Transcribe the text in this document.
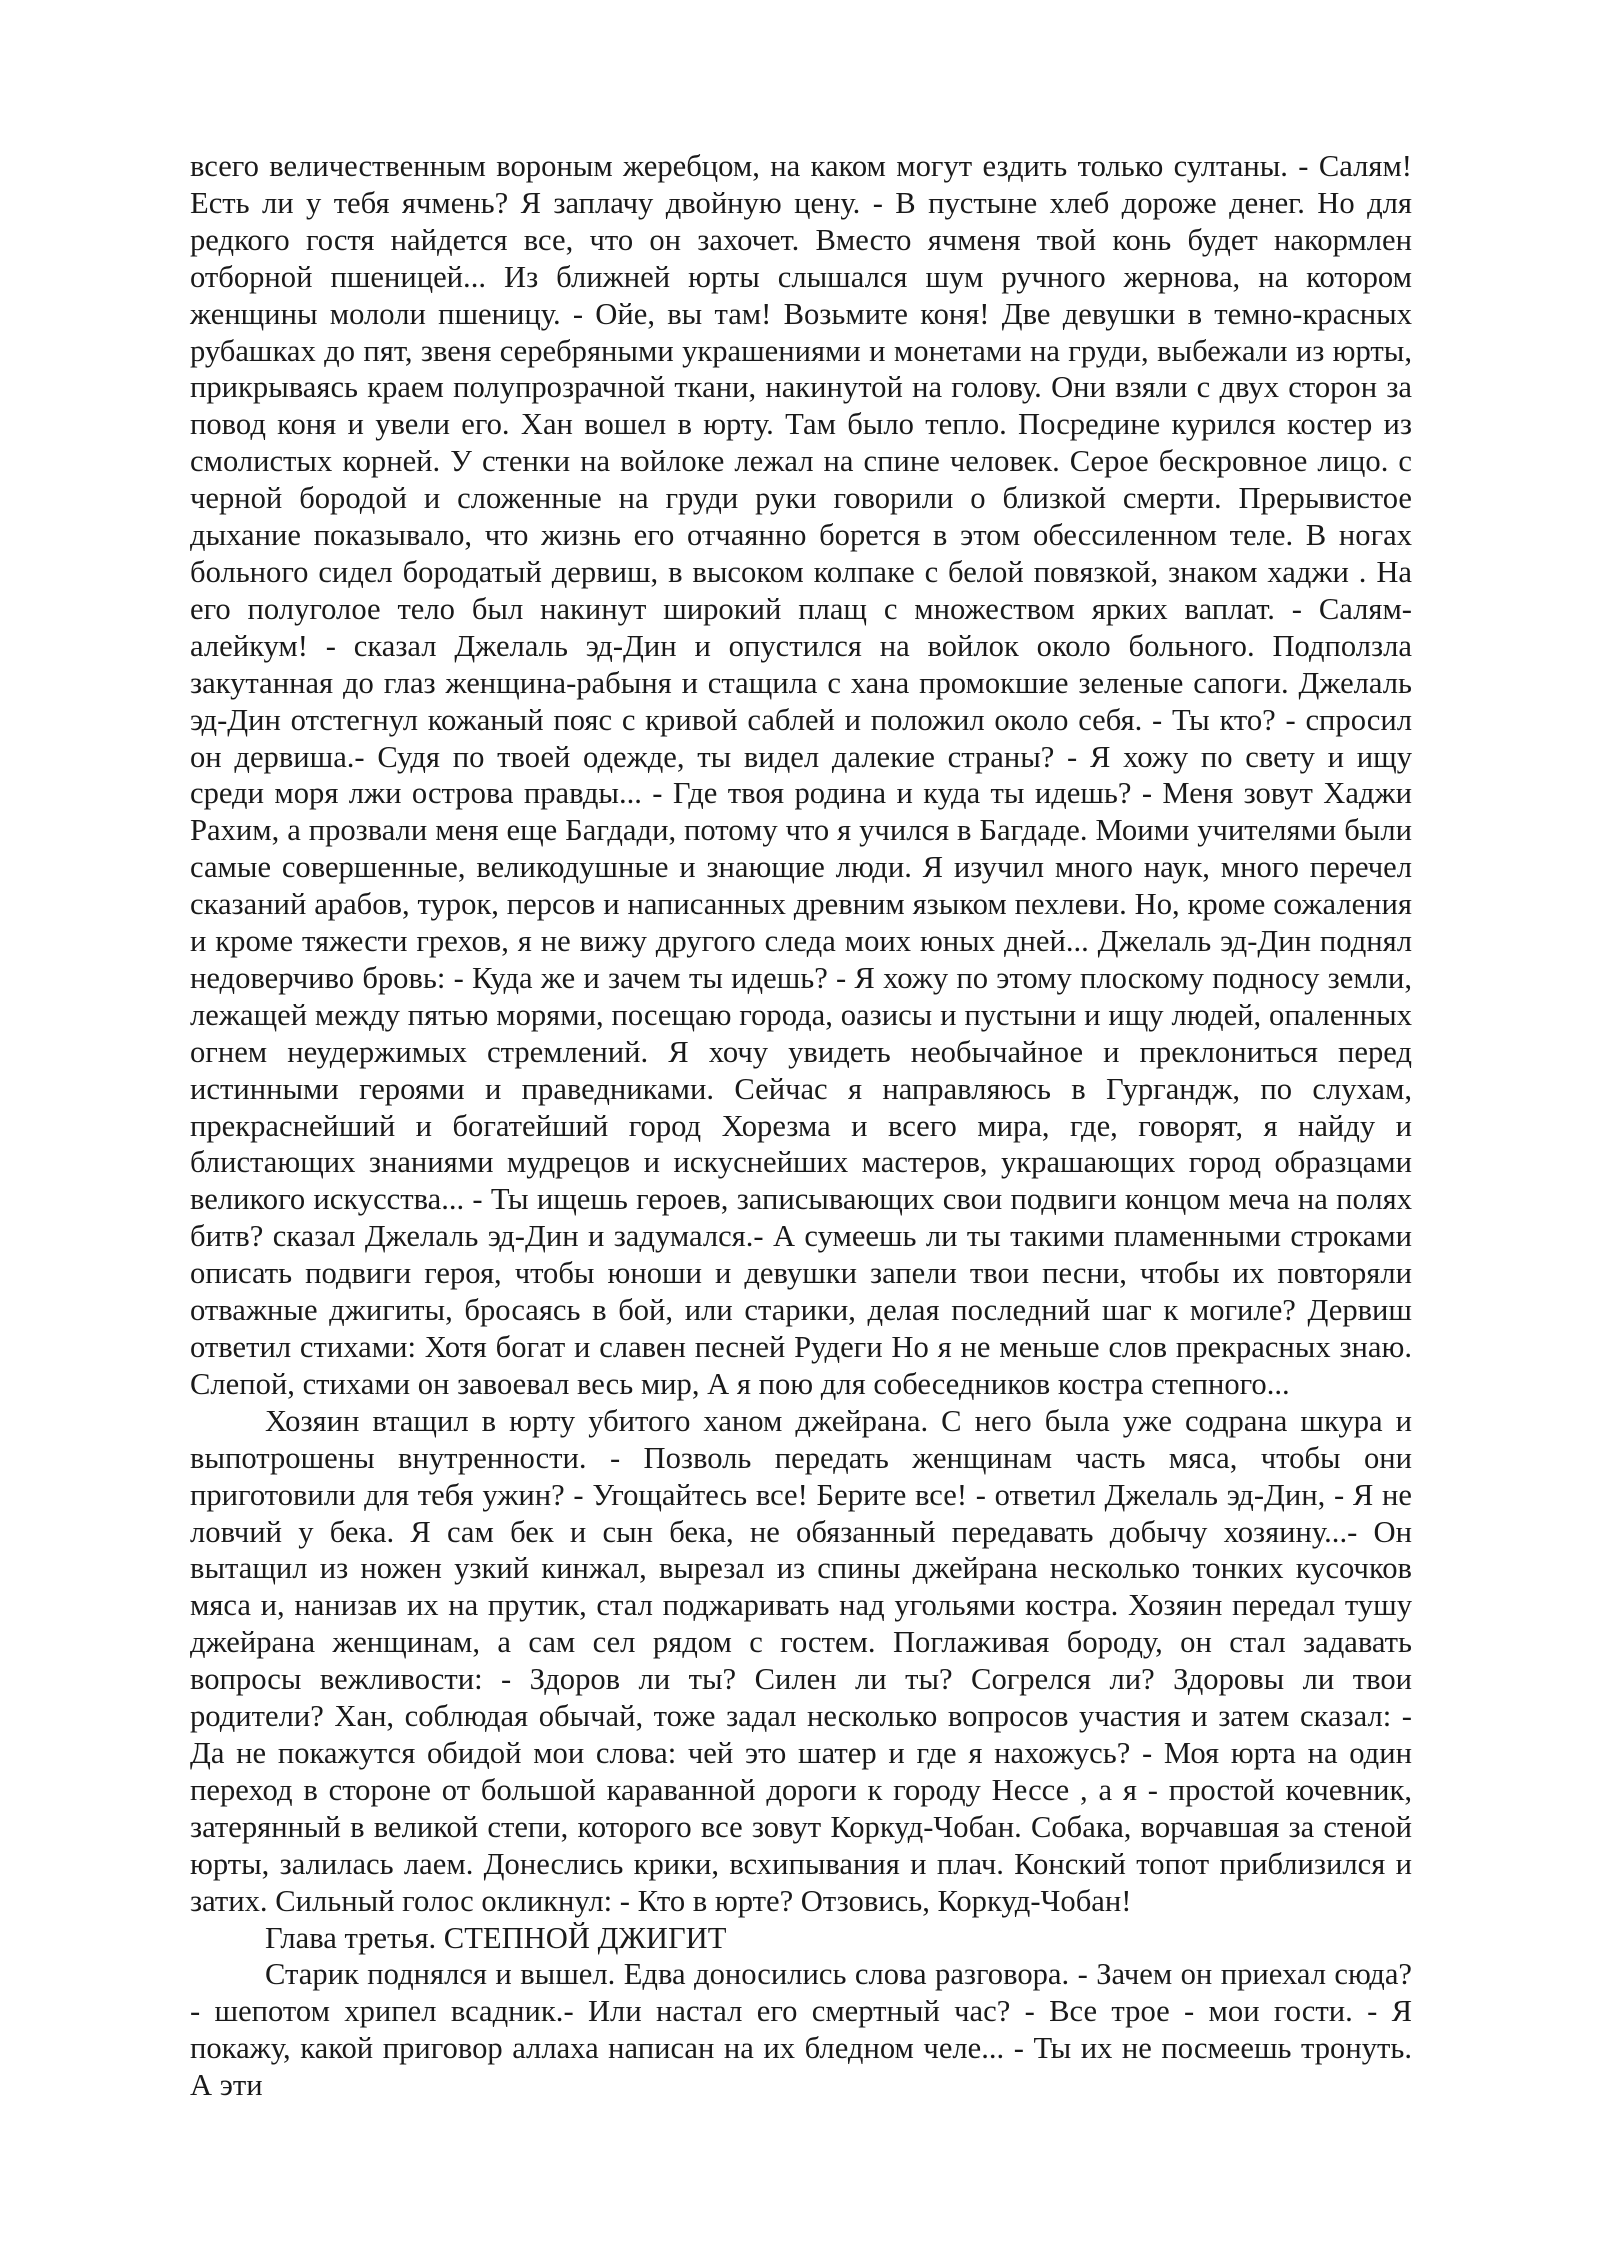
всего величественным вороным жеребцом, на каком могут ездить только султаны. - Салям! Есть ли у тебя ячмень? Я заплачу двойную цену. - В пустыне хлеб дороже денег. Но для редкого гостя найдется все, что он захочет. Вместо ячменя твой конь будет накормлен отборной пшеницей... Из ближней юрты слышался шум ручного жернова, на котором женщины мололи пшеницу. - Ойе, вы там! Возьмите коня! Две девушки в темно-красных рубашках до пят, звеня серебряными украшениями и монетами на груди, выбежали из юрты, прикрываясь краем полупрозрачной ткани, накинутой на голову. Они взяли с двух сторон за повод коня и увели его. Хан вошел в юрту. Там было тепло. Посредине курился костер из смолистых корней. У стенки на войлоке лежал на спине человек. Серое бескровное лицо. с черной бородой и сложенные на груди руки говорили о близкой смерти. Прерывистое дыхание показывало, что жизнь его отчаянно борется в этом обессиленном теле. В ногах больного сидел бородатый дервиш, в высоком колпаке с белой повязкой, знаком хаджи . На его полуголое тело был накинут широкий плащ с множеством ярких ваплат. - Салям-алейкум! - сказал Джелаль эд-Дин и опустился на войлок около больного. Подползла закутанная до глаз женщина-рабыня и стащила с хана промокшие зеленые сапоги. Джелаль эд-Дин отстегнул кожаный пояс с кривой саблей и положил около себя. - Ты кто? - спросил он дервиша.- Судя по твоей одежде, ты видел далекие страны? - Я хожу по свету и ищу среди моря лжи острова правды... - Где твоя родина и куда ты идешь? - Меня зовут Хаджи Рахим, а прозвали меня еще Багдади, потому что я учился в Багдаде. Моими учителями были самые совершенные, великодушные и знающие люди. Я изучил много наук, много перечел сказаний арабов, турок, персов и написанных древним языком пехлеви. Но, кроме сожаления и кроме тяжести грехов, я не вижу другого следа моих юных дней... Джелаль эд-Дин поднял недоверчиво бровь: - Куда же и зачем ты идешь? - Я хожу по этому плоскому подносу земли, лежащей между пятью морями, посещаю города, оазисы и пустыни и ищу людей, опаленных огнем неудержимых стремлений. Я хочу увидеть необычайное и преклониться перед истинными героями и праведниками. Сейчас я направляюсь в Гургандж, по слухам, прекраснейший и богатейший город Хорезма и всего мира, где, говорят, я найду и блистающих знаниями мудрецов и искуснейших мастеров, украшающих город образцами великого искусства... - Ты ищешь героев, записывающих свои подвиги концом меча на полях битв? сказал Джелаль эд-Дин и задумался.- А сумеешь ли ты такими пламенными строками описать подвиги героя, чтобы юноши и девушки запели твои песни, чтобы их повторяли отважные джигиты, бросаясь в бой, или старики, делая последний шаг к могиле? Дервиш ответил стихами: Хотя богат и славен песней Рудеги Но я не меньше слов прекрасных знаю. Слепой, стихами он завоевал весь мир, А я пою для собеседников костра степного...

Хозяин втащил в юрту убитого ханом джейрана. С него была уже содрана шкура и выпотрошены внутренности. - Позволь передать женщинам часть мяса, чтобы они приготовили для тебя ужин? - Угощайтесь все! Берите все! - ответил Джелаль эд-Дин, - Я не ловчий у бека. Я сам бек и сын бека, не обязанный передавать добычу хозяину...- Он вытащил из ножен узкий кинжал, вырезал из спины джейрана несколько тонких кусочков мяса и, нанизав их на прутик, стал поджаривать над угольями костра. Хозяин передал тушу джейрана женщинам, а сам сел рядом с гостем. Поглаживая бороду, он стал задавать вопросы вежливости: - Здоров ли ты? Силен ли ты? Согрелся ли? Здоровы ли твои родители? Хан, соблюдая обычай, тоже задал несколько вопросов участия и затем сказал: - Да не покажутся обидой мои слова: чей это шатер и где я нахожусь? - Моя юрта на один переход в стороне от большой караванной дороги к городу Нессе , а я - простой кочевник, затерянный в великой степи, которого все зовут Коркуд-Чобан. Собака, ворчавшая за стеной юрты, залилась лаем. Донеслись крики, всхипывания и плач. Конский топот приблизился и затих. Сильный голос окликнул: - Кто в юрте? Отзовись, Коркуд-Чобан!

Глава третья. СТЕПНОЙ ДЖИГИТ

Старик поднялся и вышел. Едва доносились слова разговора. - Зачем он приехал сюда? - шепотом хрипел всадник.- Или настал его смертный час? - Все трое - мои гости. - Я покажу, какой приговор аллаха написан на их бледном челе... - Ты их не посмеешь тронуть. А эти
